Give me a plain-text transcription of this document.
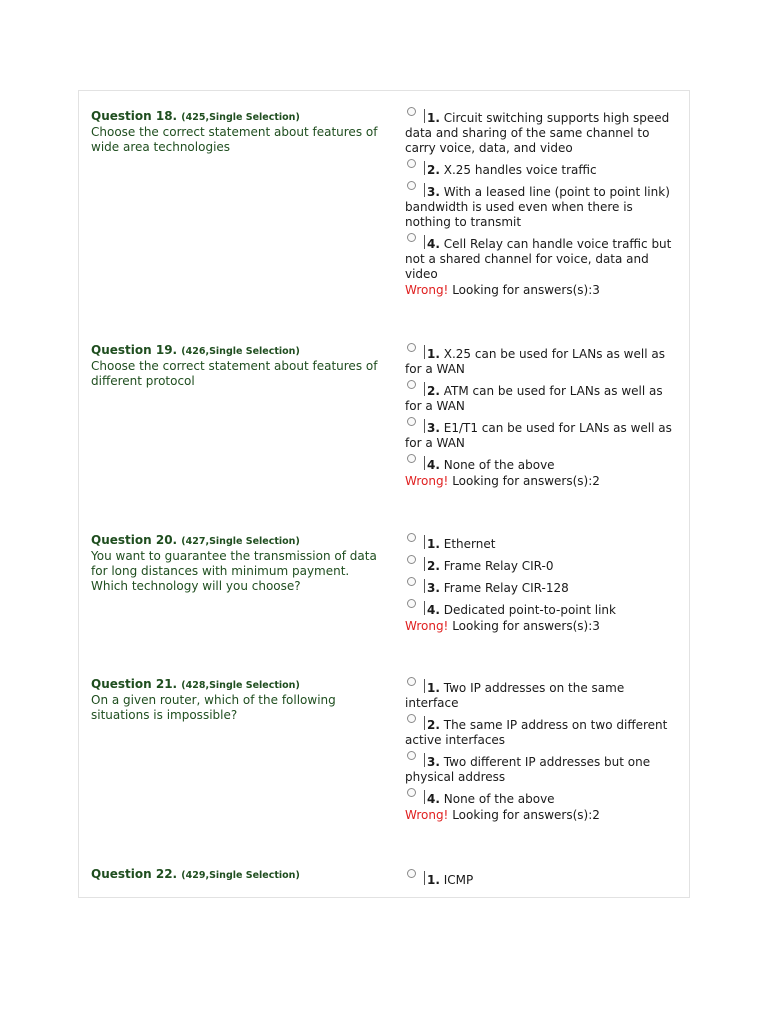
Question 18. (425,Single Selection)
Choose the correct statement about features of wide area technologies
1. Circuit switching supports high speed data and sharing of the same channel to carry voice, data, and video
2. X.25 handles voice traffic
3. With a leased line (point to point link) bandwidth is used even when there is nothing to transmit
4. Cell Relay can handle voice traffic but not a shared channel for voice, data and video
Wrong! Looking for answers(s):3
Question 19. (426,Single Selection)
Choose the correct statement about features of different protocol
1. X.25 can be used for LANs as well as for a WAN
2. ATM can be used for LANs as well as for a WAN
3. E1/T1 can be used for LANs as well as for a WAN
4. None of the above
Wrong! Looking for answers(s):2
Question 20. (427,Single Selection)
You want to guarantee the transmission of data for long distances with minimum payment. Which technology will you choose?
1. Ethernet
2. Frame Relay CIR-0
3. Frame Relay CIR-128
4. Dedicated point-to-point link
Wrong! Looking for answers(s):3
Question 21. (428,Single Selection)
On a given router, which of the following situations is impossible?
1. Two IP addresses on the same interface
2. The same IP address on two different active interfaces
3. Two different IP addresses but one physical address
4. None of the above
Wrong! Looking for answers(s):2
Question 22. (429,Single Selection)	1. ICMP
